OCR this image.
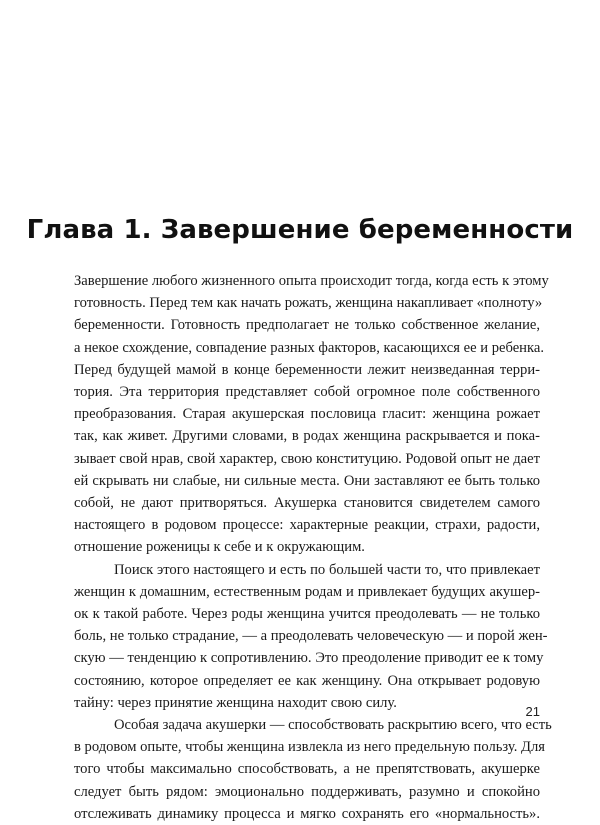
Глава 1. Завершение беременности
Завершение любого жизненного опыта происходит тогда, когда есть к этому
готовность. Перед тем как начать рожать, женщина накапливает «полноту»
беременности. Готовность предполагает не только собственное желание,
а некое схождение, совпадение разных факторов, касающихся ее и ребенка.
Перед будущей мамой в конце беременности лежит неизведанная терри-
тория. Эта территория представляет собой огромное поле собственного
преобразования. Старая акушерская пословица гласит: женщина рожает
так, как живет. Другими словами, в родах женщина раскрывается и пока-
зывает свой нрав, свой характер, свою конституцию. Родовой опыт не дает
ей скрывать ни слабые, ни сильные места. Они заставляют ее быть только
собой, не дают притворяться. Акушерка становится свидетелем самого
настоящего в родовом процессе: характерные реакции, страхи, радости,
отношение роженицы к себе и к окружающим.
Поиск этого настоящего и есть по большей части то, что привлекает
женщин к домашним, естественным родам и привлекает будущих акушер-
ок к такой работе. Через роды женщина учится преодолевать — не только
боль, не только страдание, — а преодолевать человеческую — и порой жен-
скую — тенденцию к сопротивлению. Это преодоление приводит ее к тому
состоянию, которое определяет ее как женщину. Она открывает родовую
тайну: через принятие женщина находит свою силу.
Особая задача акушерки — способствовать раскрытию всего, что есть
в родовом опыте, чтобы женщина извлекла из него предельную пользу. Для
того чтобы максимально способствовать, а не препятствовать, акушерке
следует быть рядом: эмоционально поддерживать, разумно и спокойно
отслеживать динамику процесса и мягко сохранять его «нормальность».
21
